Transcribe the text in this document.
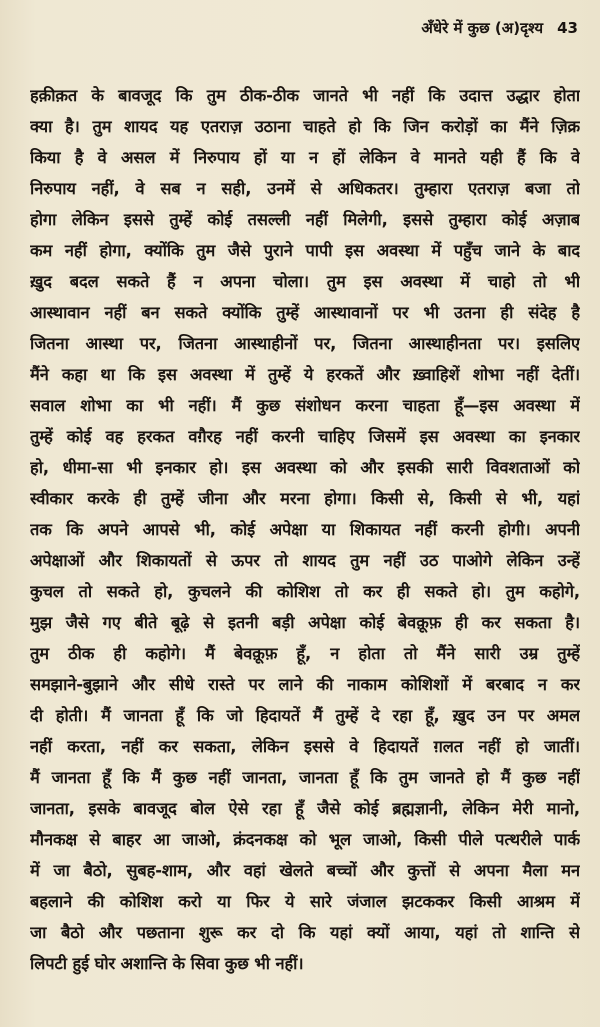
अँधेरे में कुछ (अ)दृश्य 43
हक़ीक़त के बावजूद कि तुम ठीक-ठीक जानते भी नहीं कि उदात्त उद्धार होता
क्या है। तुम शायद यह एतराज़ उठाना चाहते हो कि जिन करोड़ों का मैंने ज़िक्र
किया है वे असल में निरुपाय हों या न हों लेकिन वे मानते यही हैं कि वे
निरुपाय नहीं, वे सब न सही, उनमें से अधिकतर। तुम्हारा एतराज़ बजा तो
होगा लेकिन इससे तुम्हें कोई तसल्ली नहीं मिलेगी, इससे तुम्हारा कोई अज़ाब
कम नहीं होगा, क्योंकि तुम जैसे पुराने पापी इस अवस्था में पहुँच जाने के बाद
ख़ुद बदल सकते हैं न अपना चोला। तुम इस अवस्था में चाहो तो भी
आस्थावान नहीं बन सकते क्योंकि तुम्हें आस्थावानों पर भी उतना ही संदेह है
जितना आस्था पर, जितना आस्थाहीनों पर, जितना आस्थाहीनता पर। इसलिए
मैंने कहा था कि इस अवस्था में तुम्हें ये हरकतें और ख़्वाहिशें शोभा नहीं देतीं।
सवाल शोभा का भी नहीं। मैं कुछ संशोधन करना चाहता हूँ—इस अवस्था में
तुम्हें कोई वह हरकत वग़ैरह नहीं करनी चाहिए जिसमें इस अवस्था का इनकार
हो, धीमा-सा भी इनकार हो। इस अवस्था को और इसकी सारी विवशताओं को
स्वीकार करके ही तुम्हें जीना और मरना होगा। किसी से, किसी से भी, यहां
तक कि अपने आपसे भी, कोई अपेक्षा या शिकायत नहीं करनी होगी। अपनी
अपेक्षाओं और शिकायतों से ऊपर तो शायद तुम नहीं उठ पाओगे लेकिन उन्हें
कुचल तो सकते हो, कुचलने की कोशिश तो कर ही सकते हो। तुम कहोगे,
मुझ जैसे गए बीते बूढ़े से इतनी बड़ी अपेक्षा कोई बेवक़ूफ़ ही कर सकता है।
तुम ठीक ही कहोगे। मैं बेवक़ूफ़ हूँ, न होता तो मैंने सारी उम्र तुम्हें
समझाने-बुझाने और सीधे रास्ते पर लाने की नाकाम कोशिशों में बरबाद न कर
दी होती। मैं जानता हूँ कि जो हिदायतें मैं तुम्हें दे रहा हूँ, ख़ुद उन पर अमल
नहीं करता, नहीं कर सकता, लेकिन इससे वे हिदायतें ग़लत नहीं हो जातीं।
मैं जानता हूँ कि मैं कुछ नहीं जानता, जानता हूँ कि तुम जानते हो मैं कुछ नहीं
जानता, इसके बावजूद बोल ऐसे रहा हूँ जैसे कोई ब्रह्मज्ञानी, लेकिन मेरी मानो,
मौनकक्ष से बाहर आ जाओ, क्रंदनकक्ष को भूल जाओ, किसी पीले पत्थरीले पार्क
में जा बैठो, सुबह-शाम, और वहां खेलते बच्चों और कुत्तों से अपना मैला मन
बहलाने की कोशिश करो या फिर ये सारे जंजाल झटककर किसी आश्रम में
जा बैठो और पछताना शुरू कर दो कि यहां क्यों आया, यहां तो शान्ति से
लिपटी हुई घोर अशान्ति के सिवा कुछ भी नहीं।
